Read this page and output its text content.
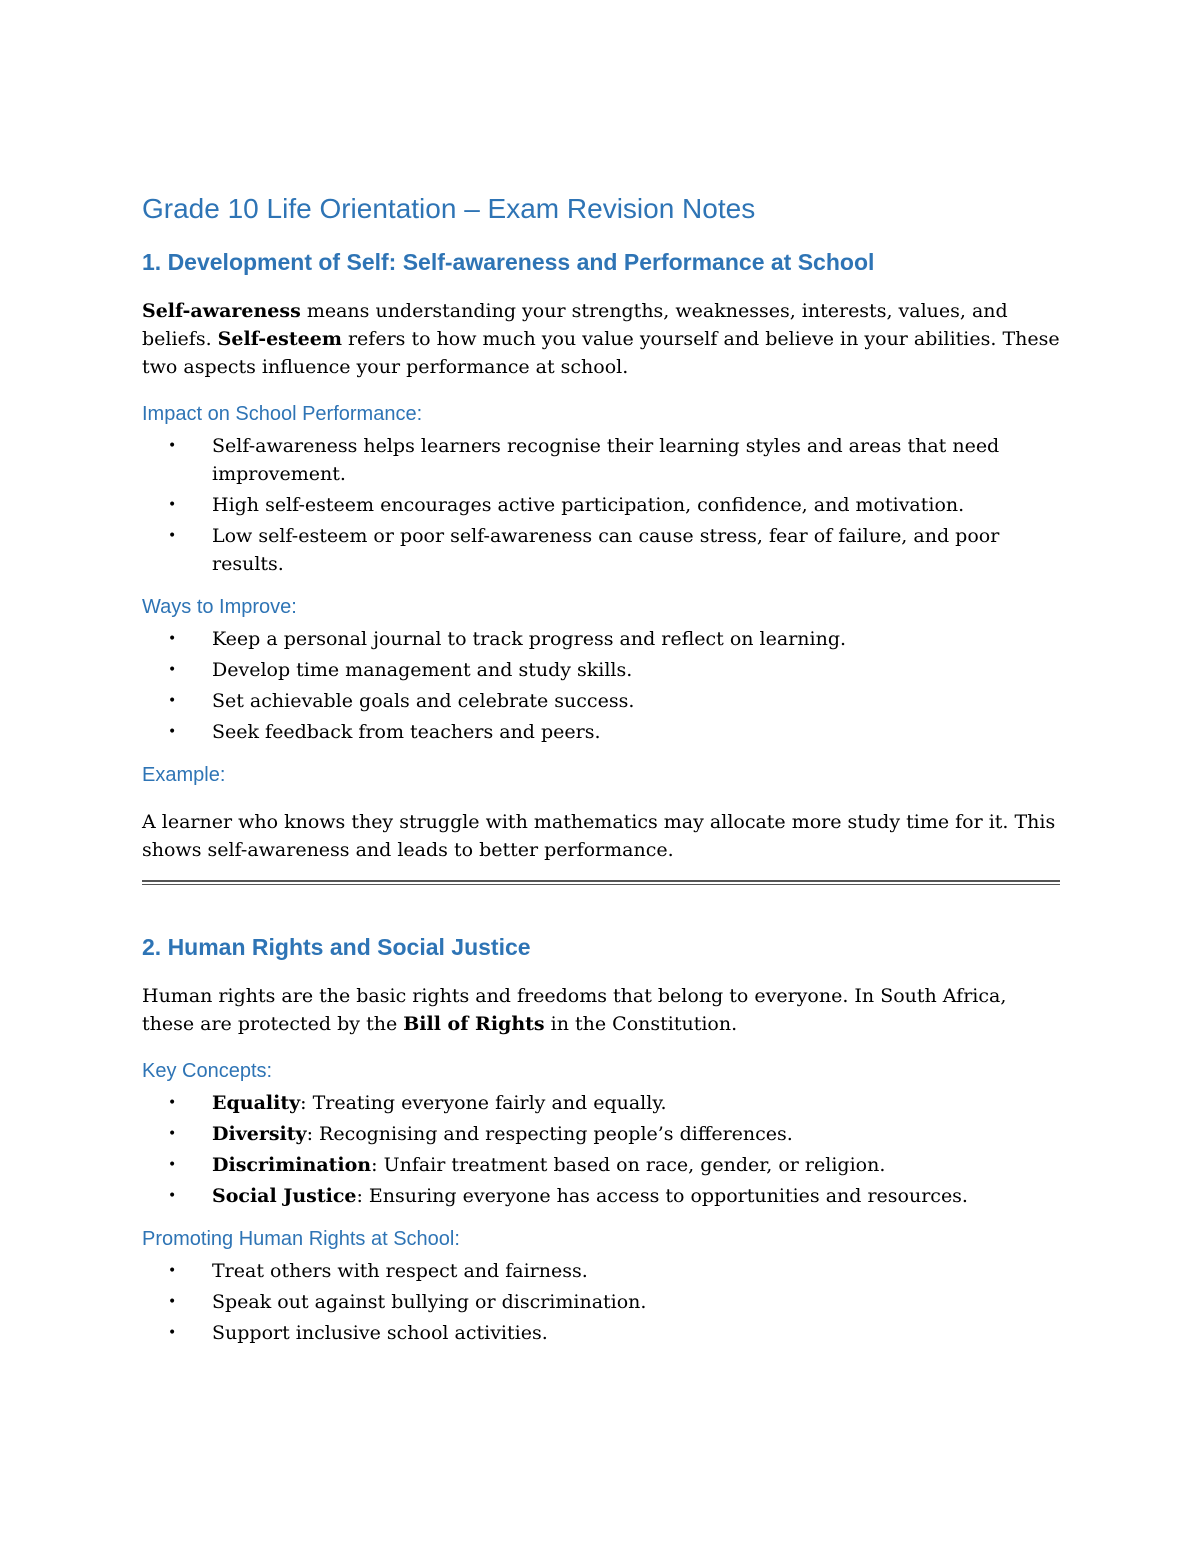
Grade 10 Life Orientation – Exam Revision Notes
1. Development of Self: Self-awareness and Performance at School

Self-awareness means understanding your strengths, weaknesses, interests, values, and beliefs. Self-esteem refers to how much you value yourself and believe in your abilities. These two aspects influence your performance at school.

Impact on School Performance:
• Self-awareness helps learners recognise their learning styles and areas that need improvement.
• High self-esteem encourages active participation, confidence, and motivation.
• Low self-esteem or poor self-awareness can cause stress, fear of failure, and poor results.
Ways to Improve:
• Keep a personal journal to track progress and reflect on learning.
• Develop time management and study skills.
• Set achievable goals and celebrate success.
• Seek feedback from teachers and peers.
Example:

A learner who knows they struggle with mathematics may allocate more study time for it. This shows self-awareness and leads to better performance.

2. Human Rights and Social Justice

Human rights are the basic rights and freedoms that belong to everyone. In South Africa, these are protected by the Bill of Rights in the Constitution.

Key Concepts:
• Equality: Treating everyone fairly and equally.
• Diversity: Recognising and respecting people’s differences.
• Discrimination: Unfair treatment based on race, gender, or religion.
• Social Justice: Ensuring everyone has access to opportunities and resources.
Promoting Human Rights at School:
• Treat others with respect and fairness.
• Speak out against bullying or discrimination.
• Support inclusive school activities.
